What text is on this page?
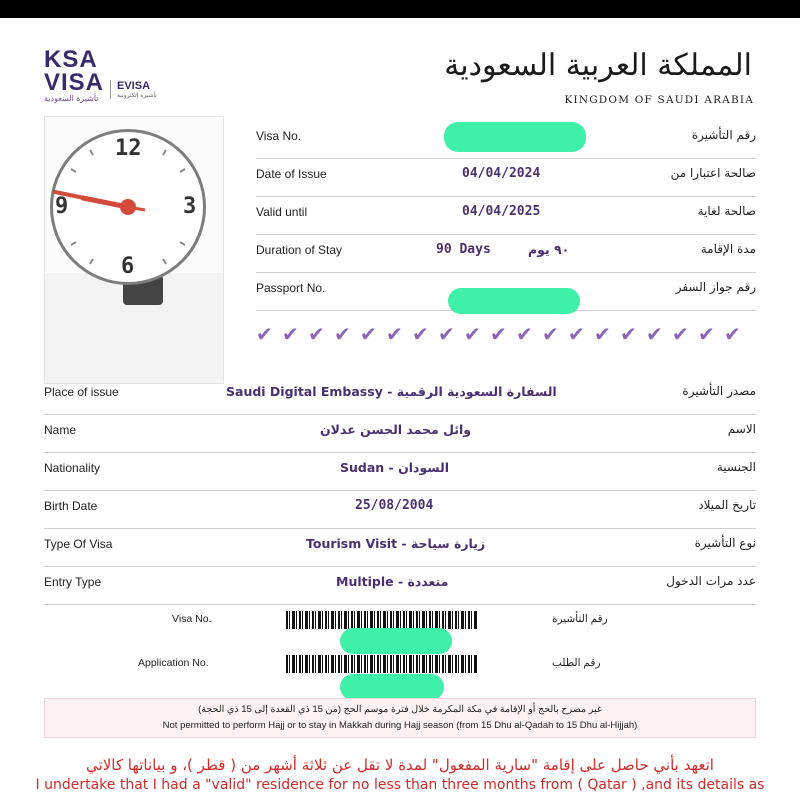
KSA
VISA
تأشيرة السعودية
EVISA
تأشيرة إلكترونية
المملكة العربية السعودية
KINGDOM OF SAUDI ARABIA
12
3
6
9
Visa No.	رقم التأشيرة
Date of Issue	04/04/2024	صالحة اعتبارا من
Valid until	04/04/2025	صالحة لغاية
Duration of Stay	90 Days	٩٠ يوم	مدة الإقامة
Passport No.	رقم جواز السفر
✔ ✔ ✔ ✔ ✔ ✔ ✔ ✔ ✔ ✔ ✔ ✔ ✔ ✔ ✔ ✔ ✔ ✔ ✔
Place of issue	Saudi Digital Embassy - السفارة السعودية الرقمية	مصدر التأشيرة
Name	وائل محمد الحسن عدلان	الاسم
Nationality	Sudan - السودان	الجنسية
Birth Date	25/08/2004	تاريخ الميلاد
Type Of Visa	Tourism Visit - زيارة سياحة	نوع التأشيرة
Entry Type	Multiple - متعددة	عدد مرات الدخول
Visa No.	رقم التأشيرة
Application No.	رقم الطلب
غير مصرح بالحج أو الإقامة في مكة المكرمة خلال فترة موسم الحج (من 15 ذي القعدة إلى 15 ذي الحجة)
Not permitted to perform Hajj or to stay in Makkah during Hajj season (from 15 Dhu al-Qadah to 15 Dhu al-Hijjah)
اتعهد بأني حاصل على إقامة "سارية المفعول" لمدة لا تقل عن ثلاثة أشهر من ( قطر )، و بياناتها كالاتي
I undertake that I had a "valid" residence for no less than three months from ( Qatar ) ,and its details as
